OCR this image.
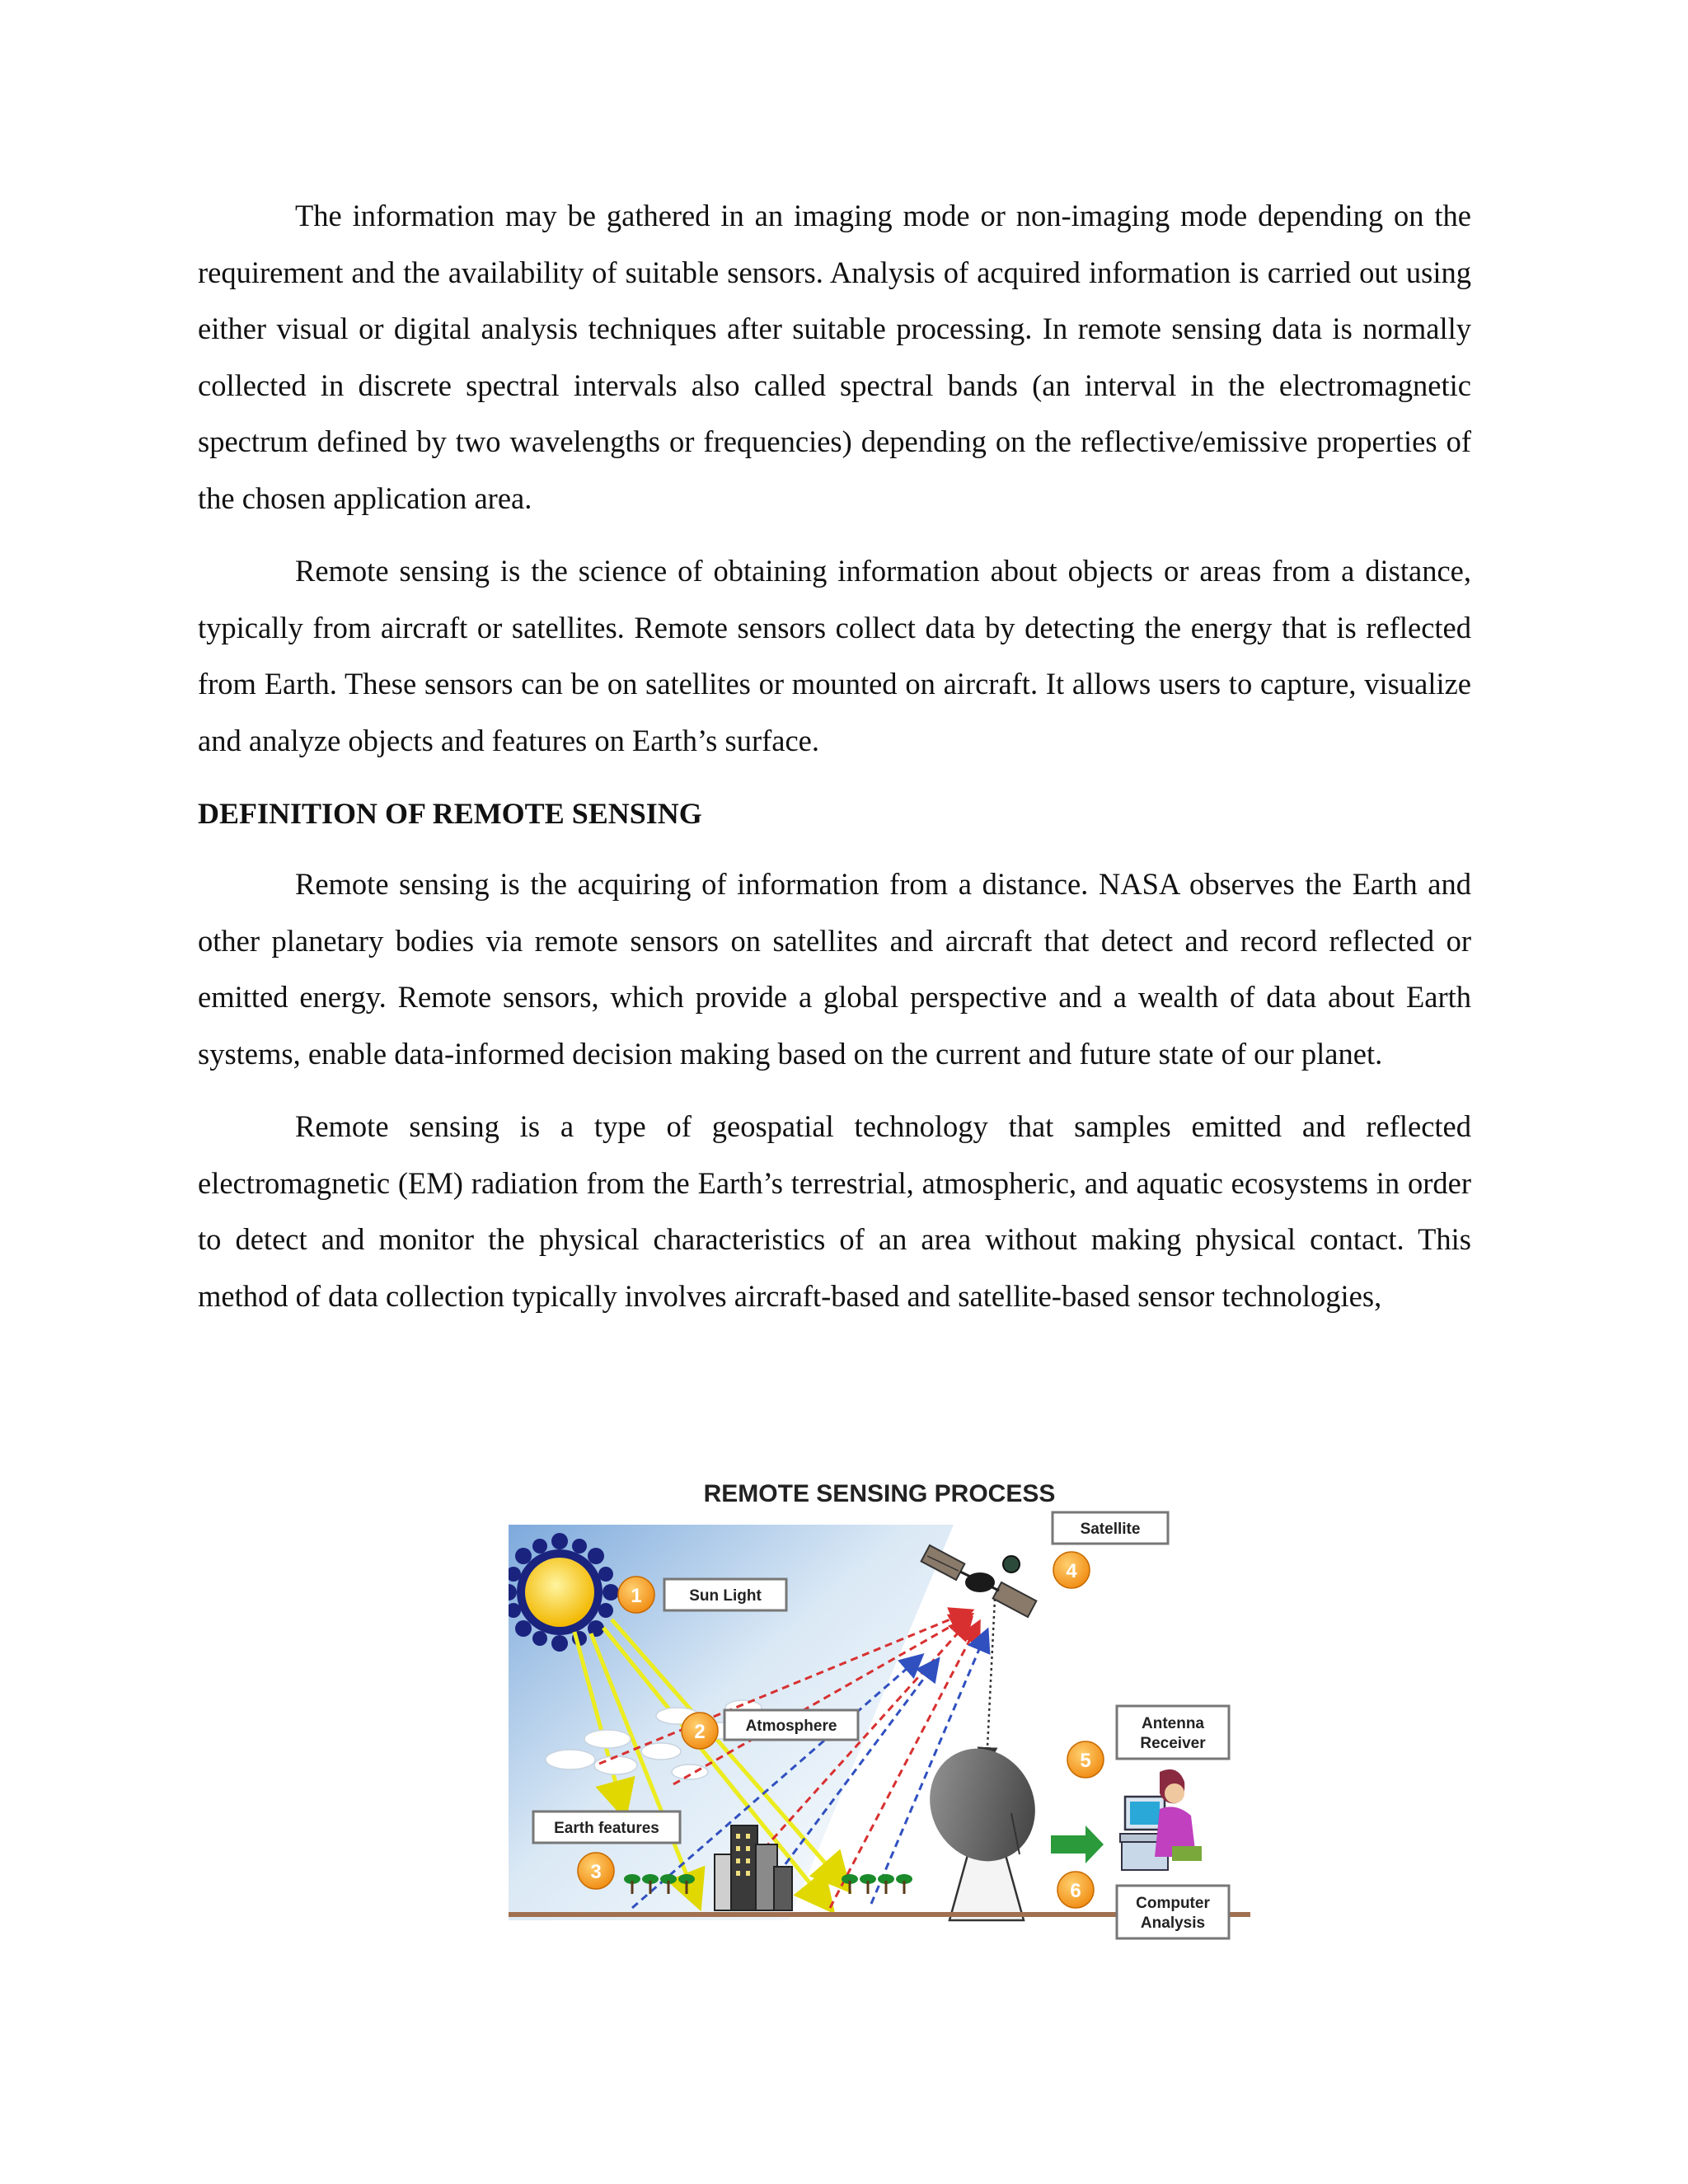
The information may be gathered in an imaging mode or non-imaging mode depending on the requirement and the availability of suitable sensors. Analysis of acquired information is carried out using either visual or digital analysis techniques after suitable processing. In remote sensing data is normally collected in discrete spectral intervals also called spectral bands (an interval in the electromagnetic spectrum defined by two wavelengths or frequencies) depending on the reflective/emissive properties of the chosen application area.

Remote sensing is the science of obtaining information about objects or areas from a distance, typically from aircraft or satellites. Remote sensors collect data by detecting the energy that is reflected from Earth. These sensors can be on satellites or mounted on aircraft. It allows users to capture, visualize and analyze objects and features on Earth’s surface.

DEFINITION OF REMOTE SENSING

Remote sensing is the acquiring of information from a distance. NASA observes the Earth and other planetary bodies via remote sensors on satellites and aircraft that detect and record reflected or emitted energy. Remote sensors, which provide a global perspective and a wealth of data about Earth systems, enable data-informed decision making based on the current and future state of our planet.

Remote sensing is a type of geospatial technology that samples emitted and reflected electromagnetic (EM) radiation from the Earth’s terrestrial, atmospheric, and aquatic ecosystems in order to detect and monitor the physical characteristics of an area without making physical contact. This method of data collection typically involves aircraft-based and satellite-based sensor technologies,

REMOTE SENSING PROCESS
1
2
3
4
5
6
Sun Light
Atmosphere
Earth features
Satellite
Antenna
Receiver
Computer
Analysis
